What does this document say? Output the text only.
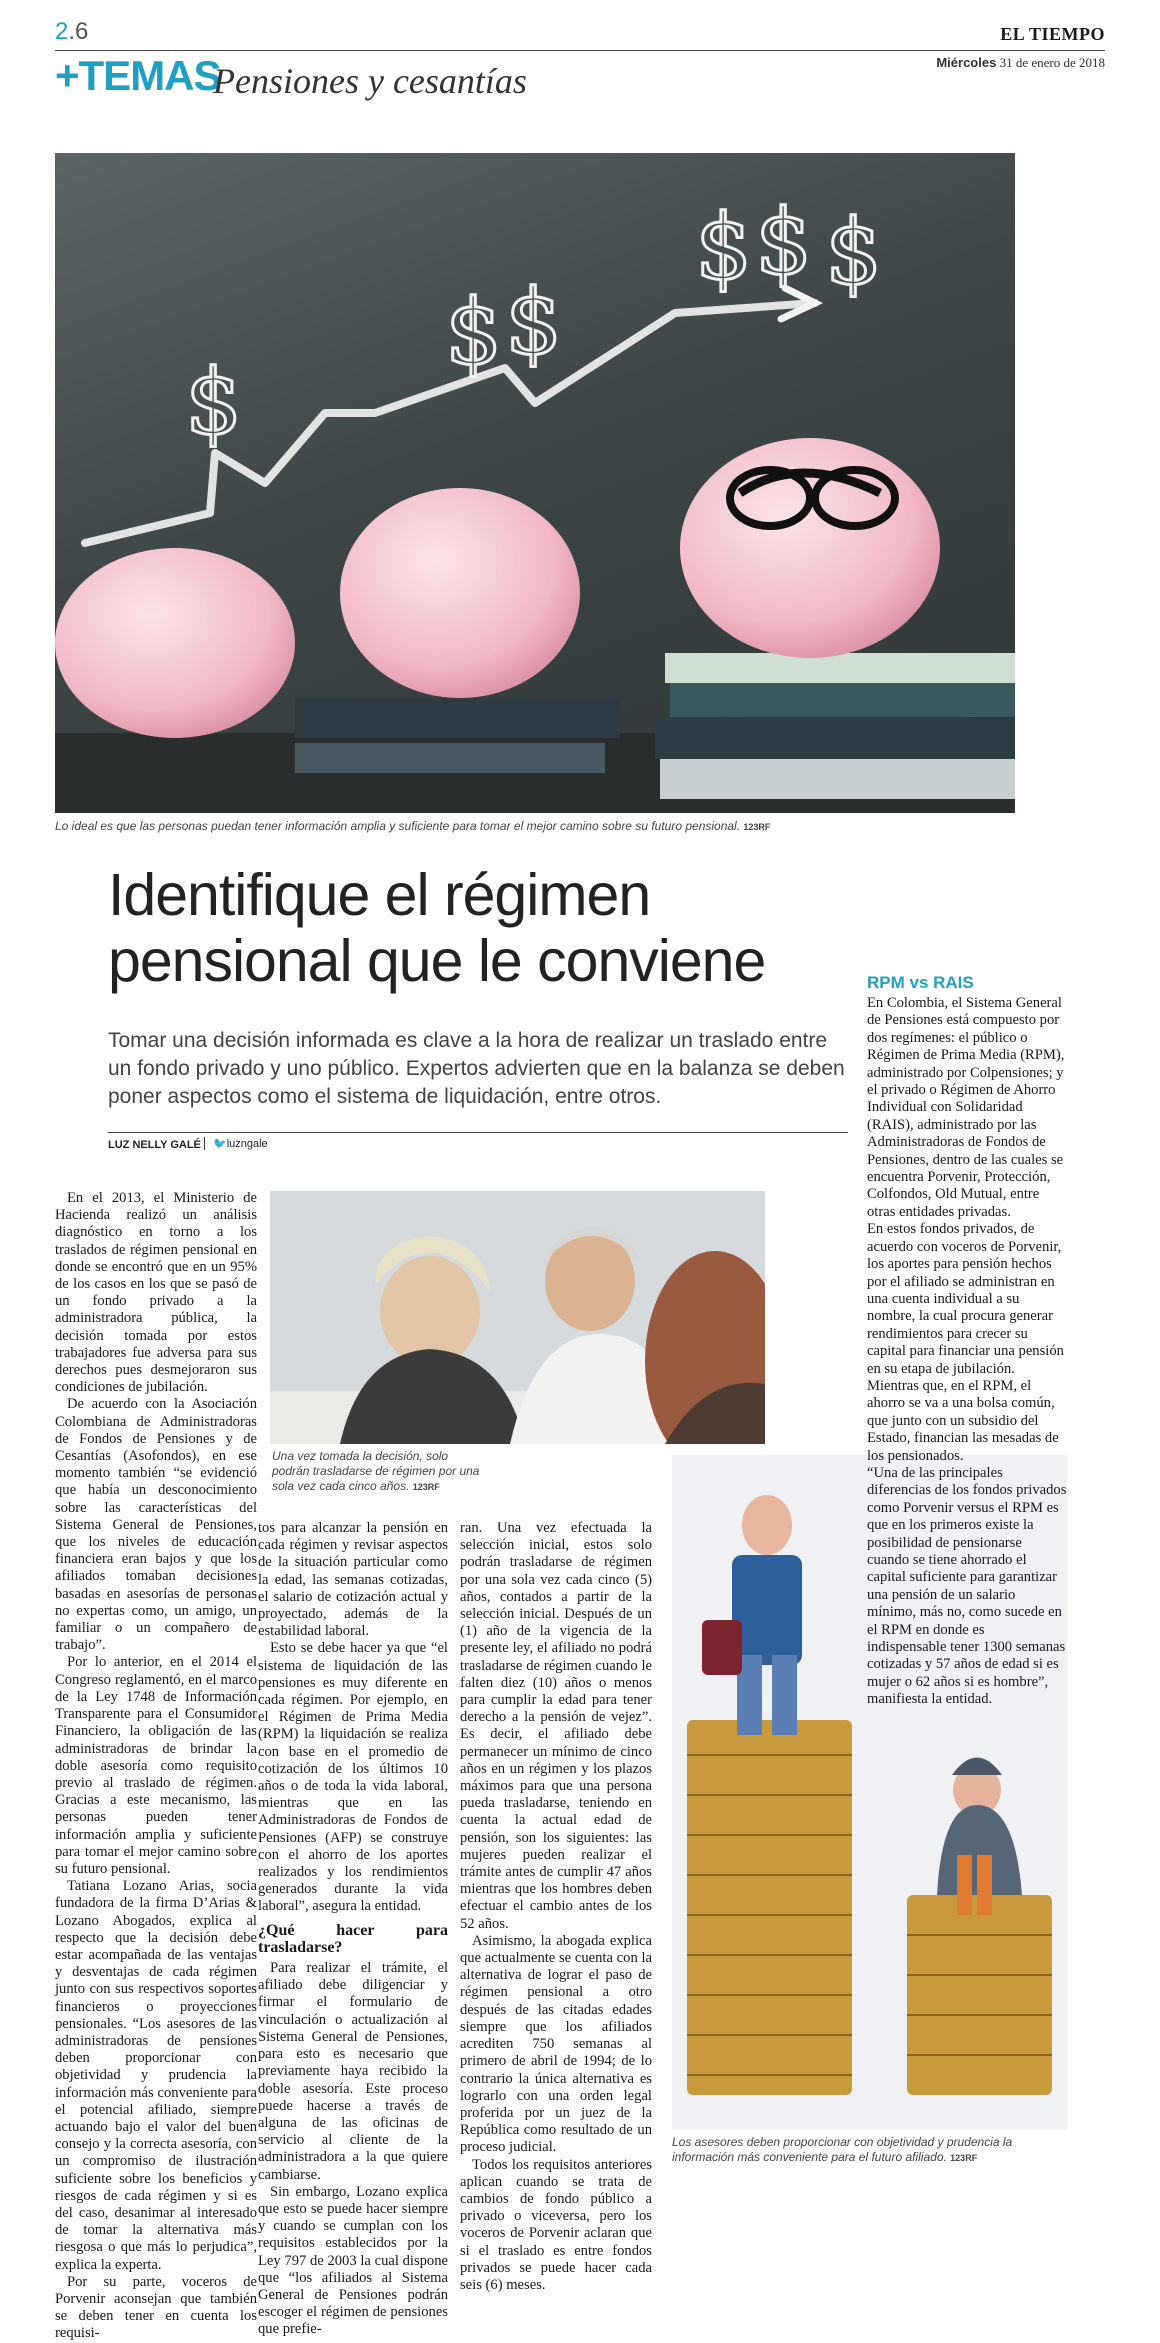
2.6	EL TIEMPO
+TEMAS
Pensiones y cesantías	Miércoles 31 de enero de 2018
$
$ $
$ $ $
Lo ideal es que las personas puedan tener información amplia y suficiente para tomar el mejor camino sobre su futuro pensional. 123RF
Identifique el régimen pensional que le conviene
Tomar una decisión informada es clave a la hora de realizar un traslado entre un fondo privado y uno público. Expertos advierten que en la balanza se deben poner aspectos como el sistema de liquidación, entre otros.
LUZ NELLY GALÉ	🐦luzngale
Una vez tomada la decisión, solo podrán trasladarse de régimen por una sola vez cada cinco años. 123RF
Los asesores deben proporcionar con objetividad y prudencia la información más conveniente para el futuro afiliado. 123RF

En el 2013, el Ministerio de Hacienda realizó un análisis diagnóstico en torno a los traslados de régimen pensional en donde se encontró que en un 95% de los casos en los que se pasó de un fondo privado a la administradora pública, la decisión tomada por estos trabajadores fue adversa para sus derechos pues desmejoraron sus condiciones de jubilación.

De acuerdo con la Asociación Colombiana de Administradoras de Fondos de Pensiones y de Cesantías (Asofondos), en ese momento también “se evidenció que había un desconocimiento sobre las características del Sistema General de Pensiones, que los niveles de educación financiera eran bajos y que los afiliados tomaban decisiones basadas en asesorías de personas no expertas como, un amigo, un familiar o un compañero de trabajo”.

Por lo anterior, en el 2014 el Congreso reglamentó, en el marco de la Ley 1748 de Información Transparente para el Consumidor Financiero, la obligación de las administradoras de brindar la doble asesoría como requisito previo al traslado de régimen. Gracias a este mecanismo, las personas pueden tener información amplia y suficiente para tomar el mejor camino sobre su futuro pensional.

Tatiana Lozano Arias, socia fundadora de la firma D’Arias & Lozano Abogados, explica al respecto que la decisión debe estar acompañada de las ventajas y desventajas de cada régimen junto con sus respectivos soportes financieros o proyecciones pensionales. “Los asesores de las administradoras de pensiones deben proporcionar con objetividad y prudencia la información más conveniente para el potencial afiliado, siempre actuando bajo el valor del buen consejo y la correcta asesoría, con un compromiso de ilustración suficiente sobre los beneficios y riesgos de cada régimen y si es del caso, desanimar al interesado de tomar la alternativa más riesgosa o que más lo perjudica”, explica la experta.

Por su parte, voceros de Porvenir aconsejan que también se deben tener en cuenta los requisi-

tos para alcanzar la pensión en cada régimen y revisar aspectos de la situación particular como la edad, las semanas cotizadas, el salario de cotización actual y proyectado, además de la estabilidad laboral.

Esto se debe hacer ya que “el sistema de liquidación de las pensiones es muy diferente en cada régimen. Por ejemplo, en el Régimen de Prima Media (RPM) la liquidación se realiza con base en el promedio de cotización de los últimos 10 años o de toda la vida laboral, mientras que en las Administradoras de Fondos de Pensiones (AFP) se construye con el ahorro de los aportes realizados y los rendimientos generados durante la vida laboral”, asegura la entidad.

¿Qué hacer para trasladarse?

Para realizar el trámite, el afiliado debe diligenciar y firmar el formulario de vinculación o actualización al Sistema General de Pensiones, para esto es necesario que previamente haya recibido la doble asesoría. Este proceso puede hacerse a través de alguna de las oficinas de servicio al cliente de la administradora a la que quiere cambiarse.

Sin embargo, Lozano explica que esto se puede hacer siempre y cuando se cumplan con los requisitos establecidos por la Ley 797 de 2003 la cual dispone que “los afiliados al Sistema General de Pensiones podrán escoger el régimen de pensiones que prefie-

ran. Una vez efectuada la selección inicial, estos solo podrán trasladarse de régimen por una sola vez cada cinco (5) años, contados a partir de la selección inicial. Después de un (1) año de la vigencia de la presente ley, el afiliado no podrá trasladarse de régimen cuando le falten diez (10) años o menos para cumplir la edad para tener derecho a la pensión de vejez”. Es decir, el afiliado debe permanecer un mínimo de cinco años en un régimen y los plazos máximos para que una persona pueda trasladarse, teniendo en cuenta la actual edad de pensión, son los siguientes: las mujeres pueden realizar el trámite antes de cumplir 47 años mientras que los hombres deben efectuar el cambio antes de los 52 años.

Asimismo, la abogada explica que actualmente se cuenta con la alternativa de lograr el paso de régimen pensional a otro después de las citadas edades siempre que los afiliados acrediten 750 semanas al primero de abril de 1994; de lo contrario la única alternativa es lograrlo con una orden legal proferida por un juez de la República como resultado de un proceso judicial.

Todos los requisitos anteriores aplican cuando se trata de cambios de fondo público a privado o viceversa, pero los voceros de Porvenir aclaran que si el traslado es entre fondos privados se puede hacer cada seis (6) meses.

RPM vs RAIS

En Colombia, el Sistema General de Pensiones está compuesto por dos regímenes: el público o Régimen de Prima Media (RPM), administrado por Colpensiones; y el privado o Régimen de Ahorro Individual con Solidaridad (RAIS), administrado por las Administradoras de Fondos de Pensiones, dentro de las cuales se encuentra Porvenir, Protección, Colfondos, Old Mutual, entre otras entidades privadas.

En estos fondos privados, de acuerdo con voceros de Porvenir, los aportes para pensión hechos por el afiliado se administran en una cuenta individual a su nombre, la cual procura generar rendimientos para crecer su capital para financiar una pensión en su etapa de jubilación. Mientras que, en el RPM, el ahorro se va a una bolsa común, que junto con un subsidio del Estado, financian las mesadas de los pensionados.

“Una de las principales diferencias de los fondos privados como Porvenir versus el RPM es que en los primeros existe la posibilidad de pensionarse cuando se tiene ahorrado el capital suficiente para garantizar una pensión de un salario mínimo, más no, como sucede en el RPM en donde es indispensable tener 1300 semanas cotizadas y 57 años de edad si es mujer o 62 años si es hombre”, manifiesta la entidad.
